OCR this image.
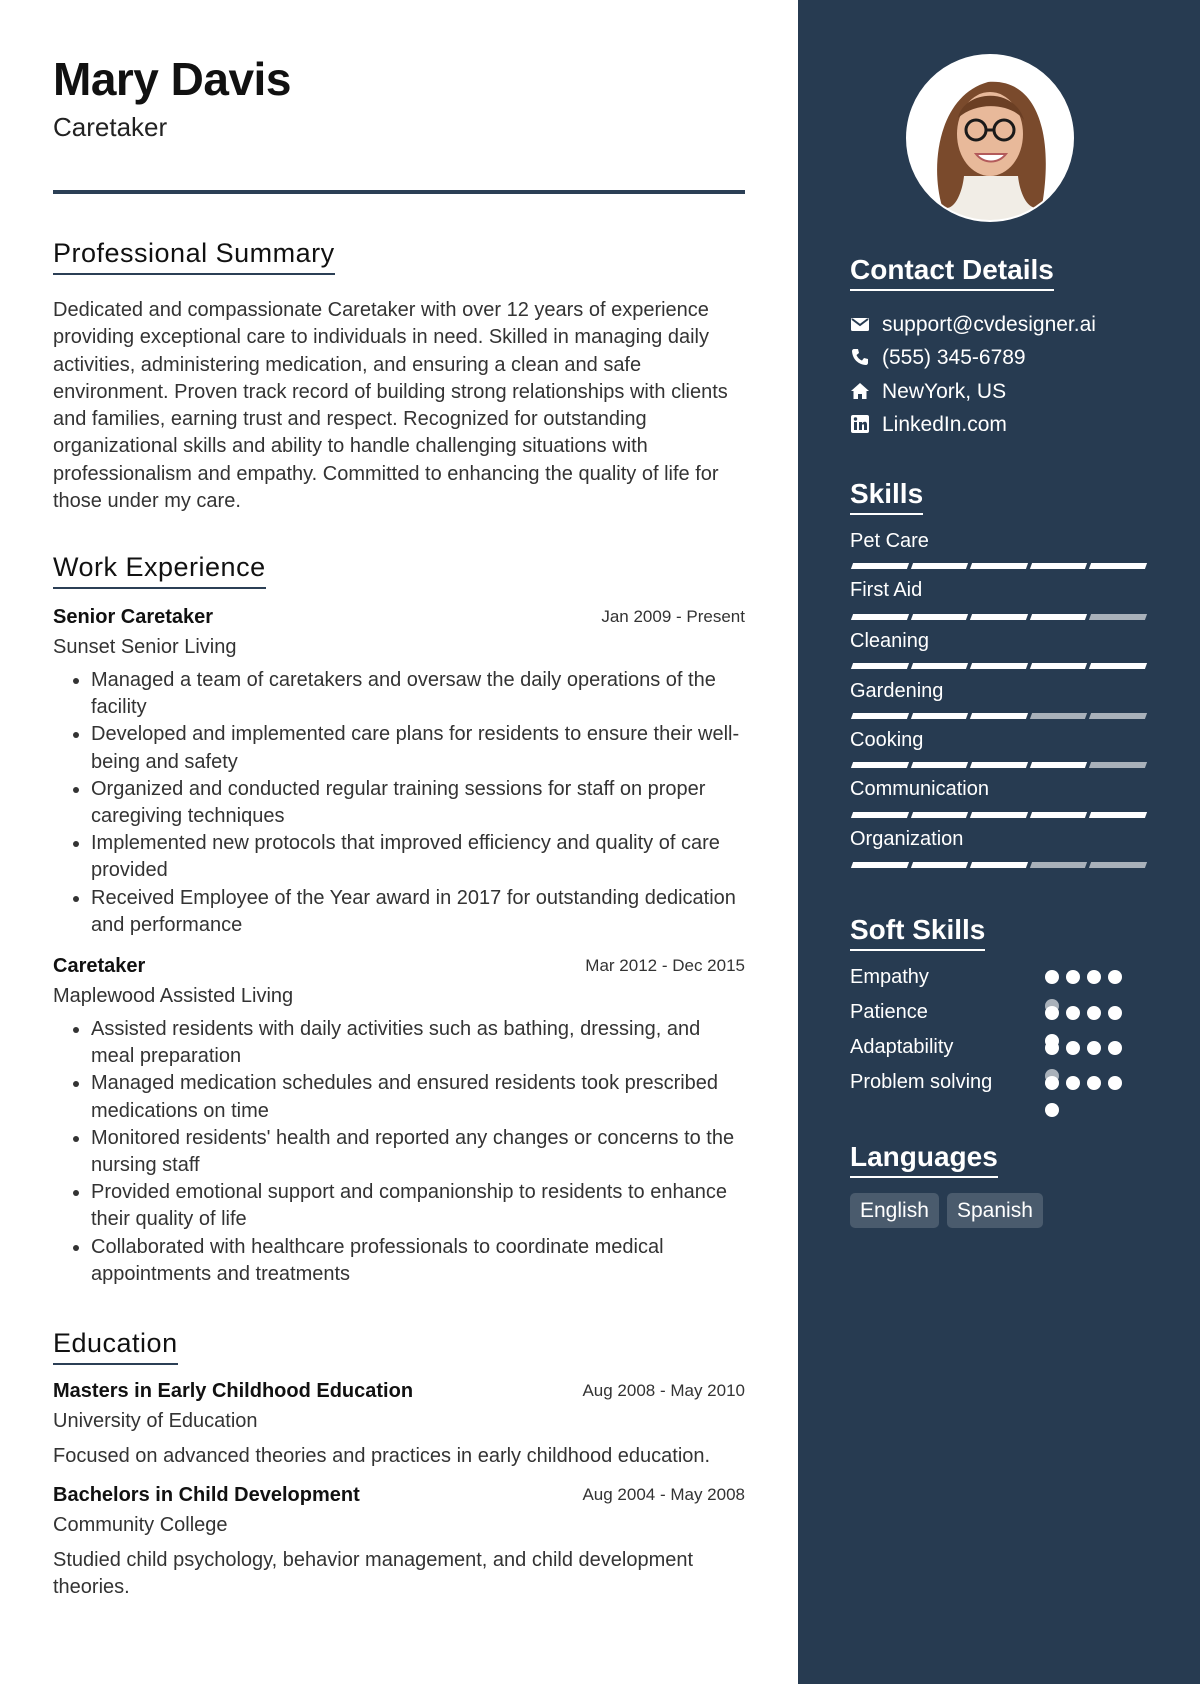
Mary Davis
Caretaker
Professional Summary

Dedicated and compassionate Caretaker with over 12 years of experience providing exceptional care to individuals in need. Skilled in managing daily activities, administering medication, and ensuring a clean and safe environment. Proven track record of building strong relationships with clients and families, earning trust and respect. Recognized for outstanding organizational skills and ability to handle challenging situations with professionalism and empathy. Committed to enhancing the quality of life for those under my care.

Work Experience
Senior Caretaker	Jan 2009 - Present
Sunset Senior Living
• Managed a team of caretakers and oversaw the daily operations of the facility
• Developed and implemented care plans for residents to ensure their well-being and safety
• Organized and conducted regular training sessions for staff on proper caregiving techniques
• Implemented new protocols that improved efficiency and quality of care provided
• Received Employee of the Year award in 2017 for outstanding dedication and performance
Caretaker	Mar 2012 - Dec 2015
Maplewood Assisted Living
• Assisted residents with daily activities such as bathing, dressing, and meal preparation
• Managed medication schedules and ensured residents took prescribed medications on time
• Monitored residents' health and reported any changes or concerns to the nursing staff
• Provided emotional support and companionship to residents to enhance their quality of life
• Collaborated with healthcare professionals to coordinate medical appointments and treatments
Education
Masters in Early Childhood Education	Aug 2008 - May 2010
University of Education
Focused on advanced theories and practices in early childhood education.
Bachelors in Child Development	Aug 2004 - May 2008
Community College
Studied child psychology, behavior management, and child development theories.
Contact Details
support@cvdesigner.ai
(555) 345-6789
NewYork, US
LinkedIn.com
Skills
Pet Care
First Aid
Cleaning
Gardening
Cooking
Communication
Organization
Soft Skills
Empathy
Patience
Adaptability
Problem solving
Languages
English	Spanish
